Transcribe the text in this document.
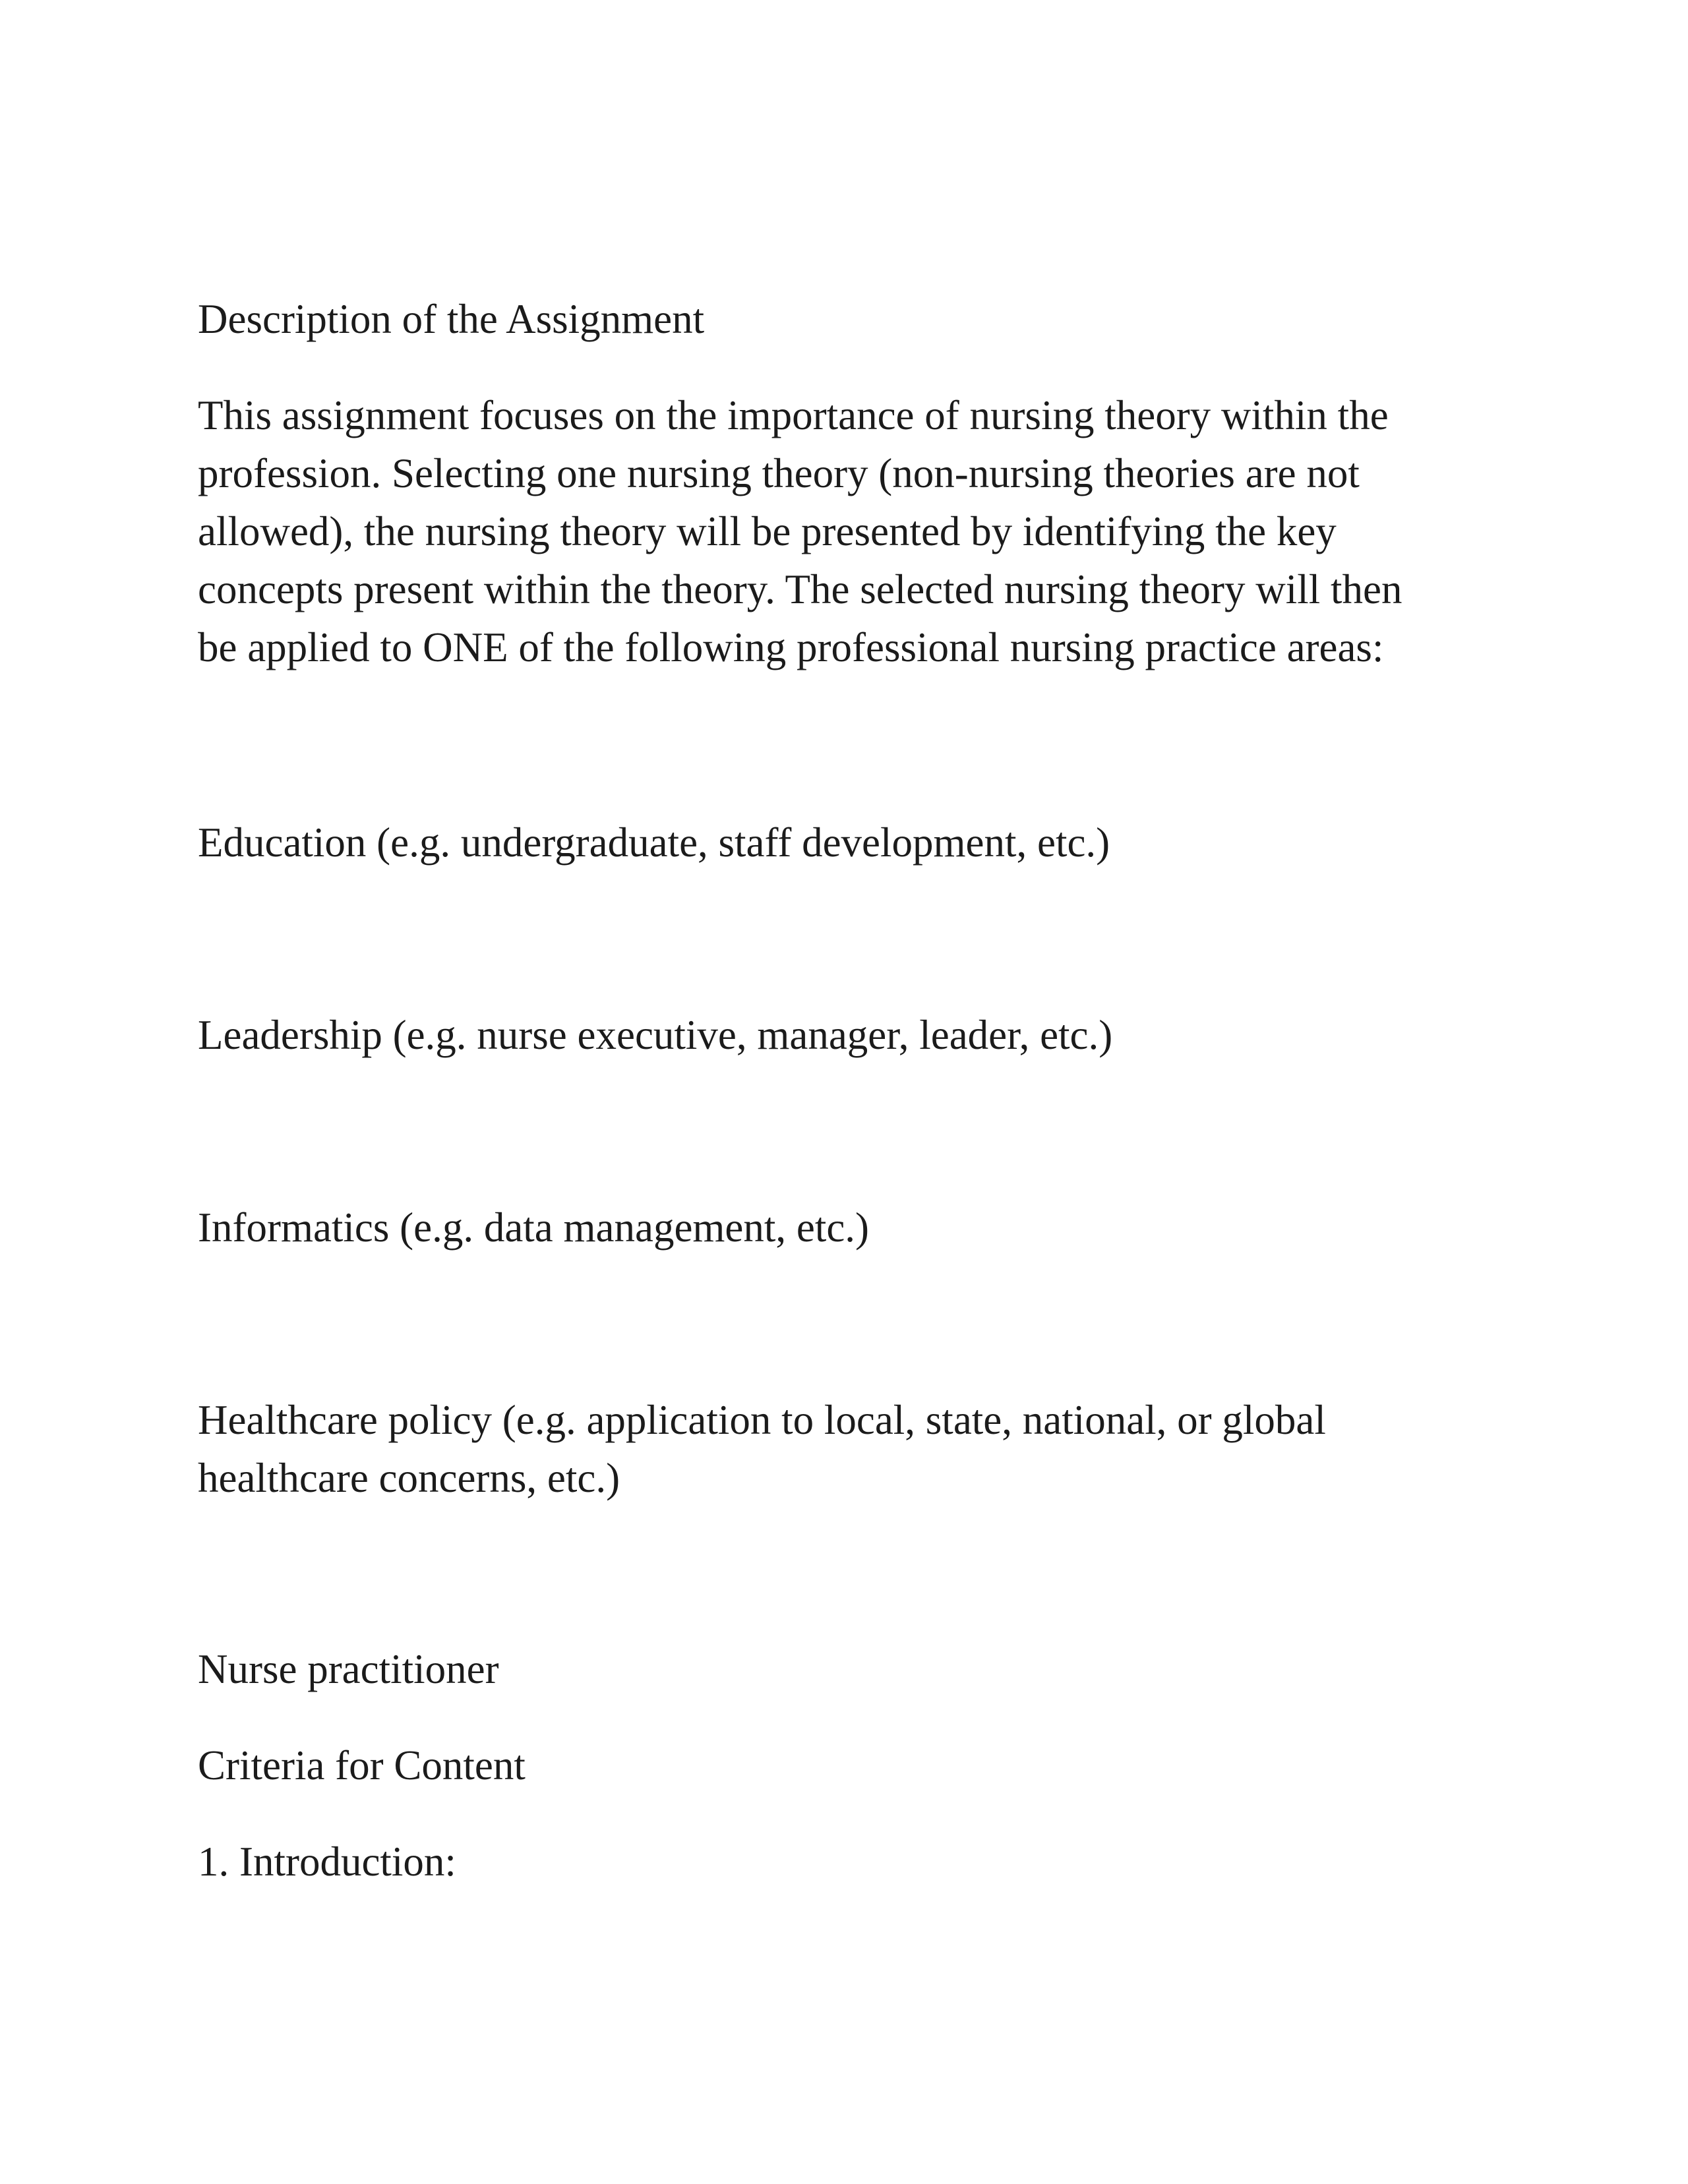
Description of the Assignment

This assignment focuses on the importance of nursing theory within the
profession. Selecting one nursing theory (non-nursing theories are not
allowed), the nursing theory will be presented by identifying the key
concepts present within the theory. The selected nursing theory will then
be applied to ONE of the following professional nursing practice areas:

Education (e.g. undergraduate, staff development, etc.)

Leadership (e.g. nurse executive, manager, leader, etc.)

Informatics (e.g. data management, etc.)

Healthcare policy (e.g. application to local, state, national, or global
healthcare concerns, etc.)

Nurse practitioner

Criteria for Content

1. Introduction:
